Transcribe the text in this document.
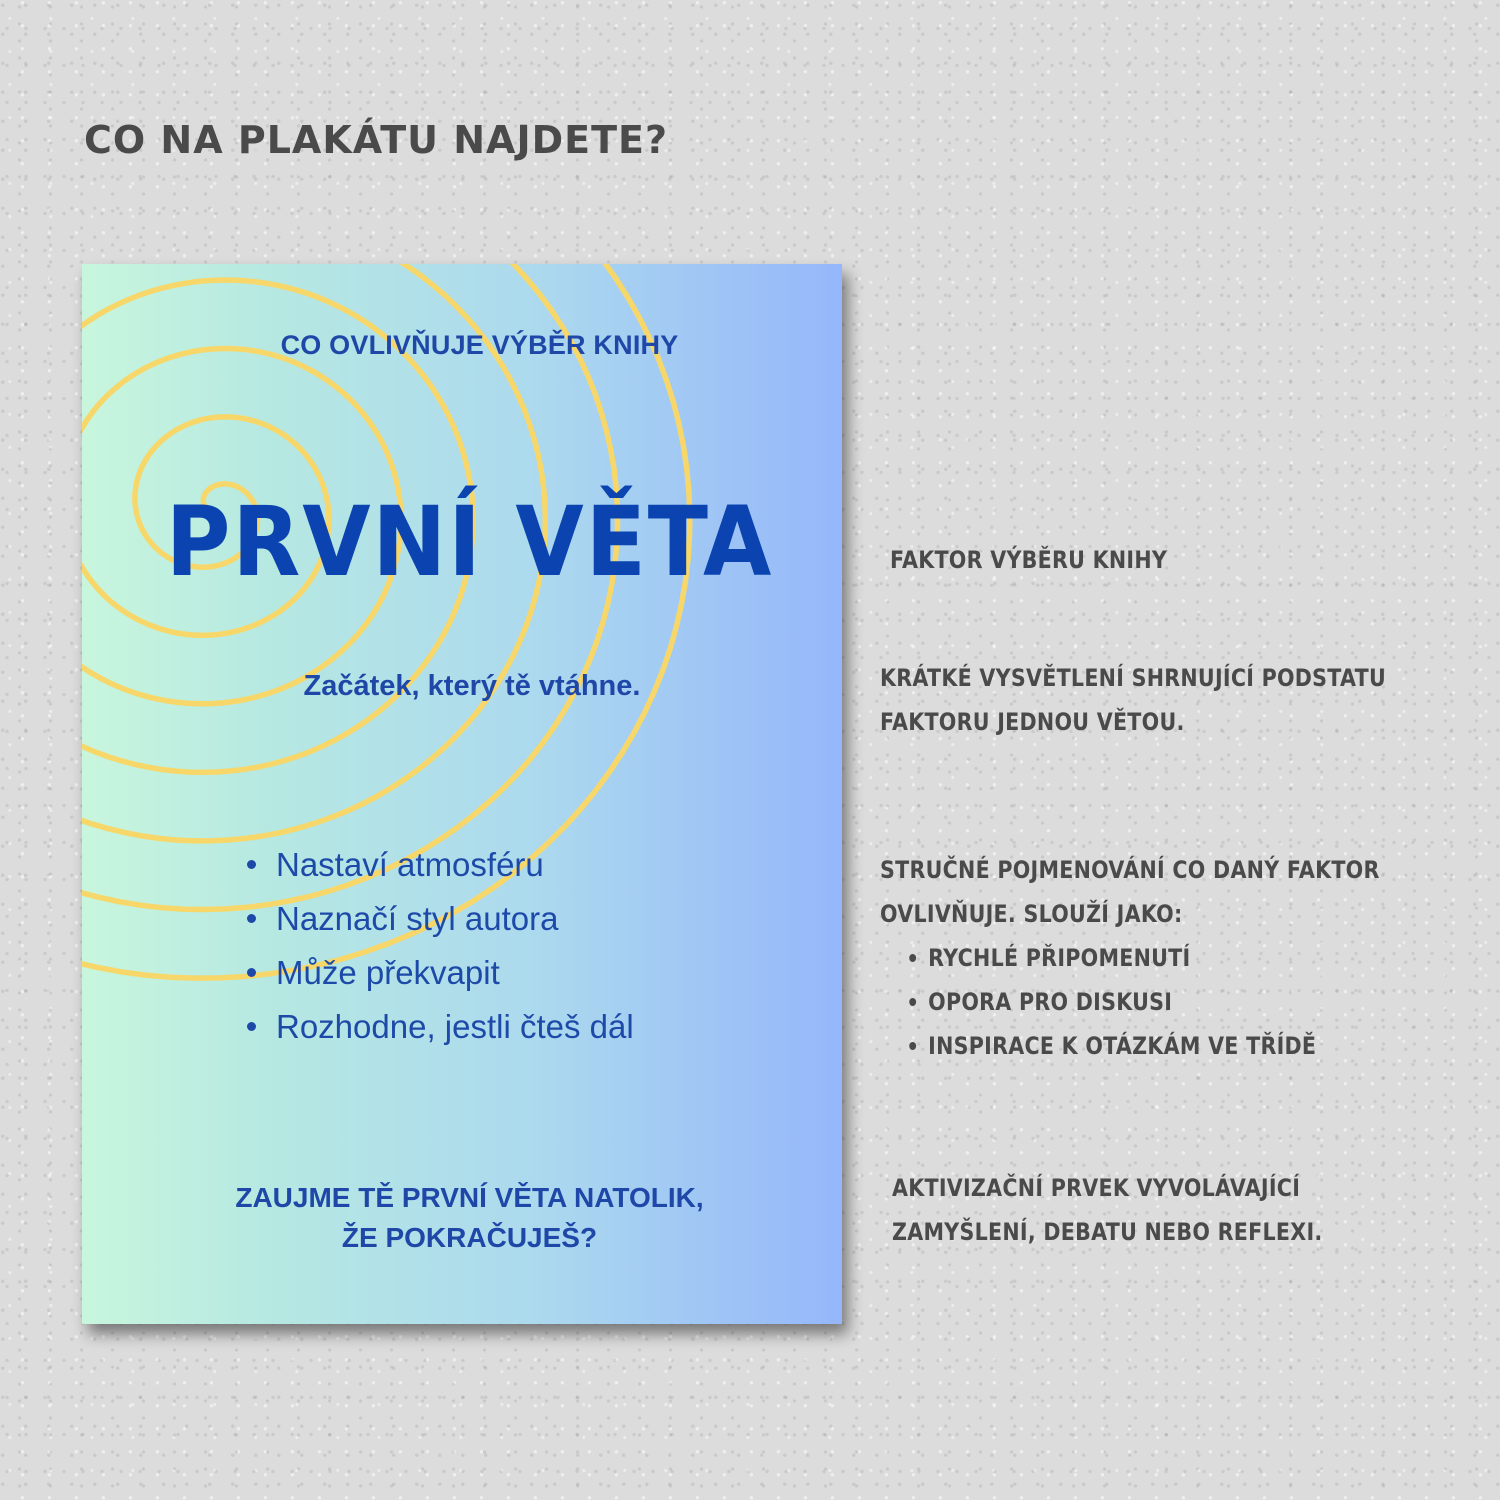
CO NA PLAKÁTU NAJDETE?
CO OVLIVŇUJE VÝBĚR KNIHY
PRVNÍ VĚTA
Začátek, který tě vtáhne.
Nastaví atmosféru
Naznačí styl autora
Může překvapit
Rozhodne, jestli čteš dál
ZAUJME TĚ PRVNÍ VĚTA NATOLIK,
ŽE POKRAČUJEŠ?
FAKTOR VÝBĚRU KNIHY
KRÁTKÉ VYSVĚTLENÍ SHRNUJÍCÍ PODSTATU
FAKTORU JEDNOU VĚTOU.
STRUČNÉ POJMENOVÁNÍ CO DANÝ FAKTOR
OVLIVŇUJE. SLOUŽÍ JAKO:
RYCHLÉ PŘIPOMENUTÍ
OPORA PRO DISKUSI
INSPIRACE K OTÁZKÁM VE TŘÍDĚ
AKTIVIZAČNÍ PRVEK VYVOLÁVAJÍCÍ
ZAMYŠLENÍ, DEBATU NEBO REFLEXI.
